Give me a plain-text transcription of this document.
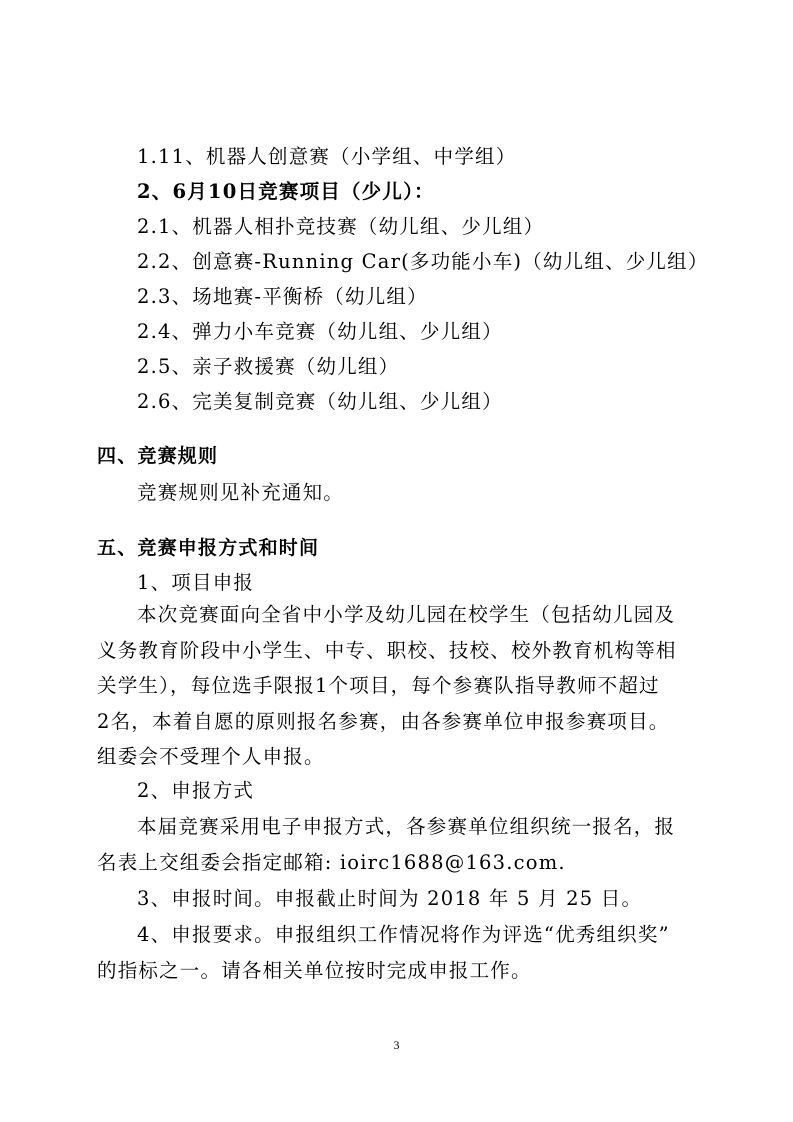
1.11、机器人创意赛（小学组、中学组）
2、6月10日竞赛项目（少儿）：
2.1、机器人相扑竞技赛（幼儿组、少儿组）
2.2、创意赛-Running Car(多功能小车)（幼儿组、少儿组）
2.3、场地赛-平衡桥（幼儿组）
2.4、弹力小车竞赛（幼儿组、少儿组）
2.5、亲子救援赛（幼儿组）
2.6、完美复制竞赛（幼儿组、少儿组）
四、竞赛规则
竞赛规则见补充通知。
五、竞赛申报方式和时间
1、项目申报
本次竞赛面向全省中小学及幼儿园在校学生（包括幼儿园及
义务教育阶段中小学生、中专、职校、技校、校外教育机构等相
关学生），每位选手限报1个项目，每个参赛队指导教师不超过
2名，本着自愿的原则报名参赛，由各参赛单位申报参赛项目。
组委会不受理个人申报。
2、申报方式
本届竞赛采用电子申报方式，各参赛单位组织统一报名，报
名表上交组委会指定邮箱: ioirc1688@163.com.
3、申报时间。申报截止时间为 2018 年 5 月 25 日。
4、申报要求。申报组织工作情况将作为评选“优秀组织奖”
的指标之一。请各相关单位按时完成申报工作。
3
